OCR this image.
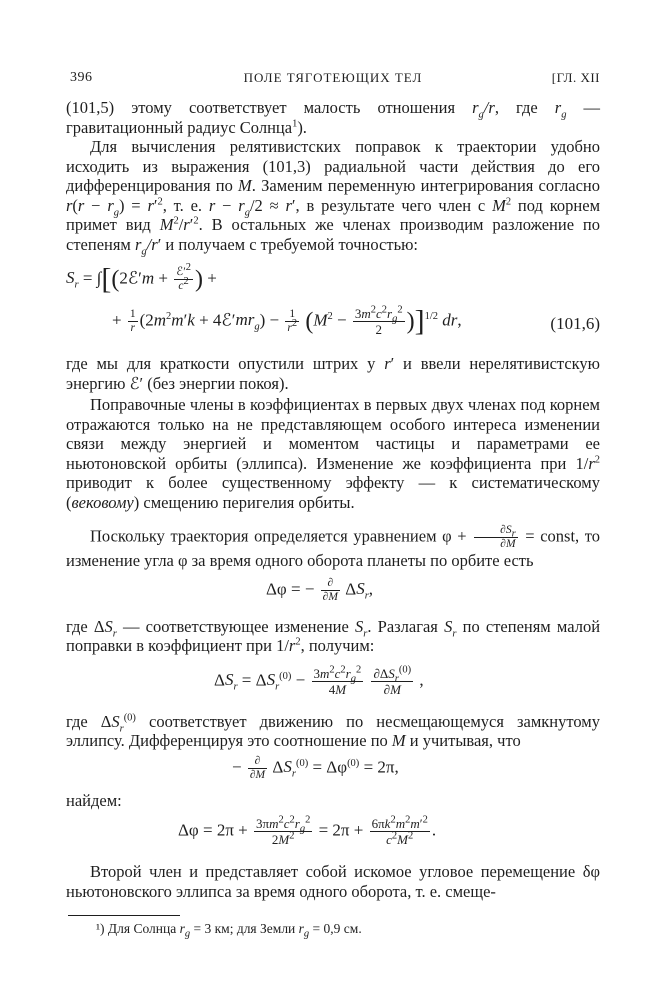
396	ПОЛЕ ТЯГОТЕЮЩИХ ТЕЛ	[ГЛ. XII

(101,5) этому соответствует малость отношения $r_g/r$, где $r_g$ — гравитационный радиус Солнца$^1$).

Для вычисления релятивистских поправок к траектории удобно исходить из выражения (101,3) радиальной части действия до его дифференцирования по M. Заменим переменную интегрирования согласно $r(r - r_g) = r'^2$, т. е. $r - r_g/2 \approx r'$, в результате чего член с $M^2$ под корнем примет вид $M^2/r'^2$. В остальных же членах производим разложение по степеням $r_g/r'$ и получаем с требуемой точностью:

$S_r$ = ∫[(2ℰ′m + $\frac{ℰ'^2}{c^2}$ ) +
+ $\frac{1}{r} (2m^2m'k$ + $4ℰ'mr_g) - \frac{1}{r^2} (M^2 - \frac{3m^2c^2r_g^2}{2} )]^{1/2}$ dr,	(101,6)

где мы для краткости опустили штрих у r′ и ввели нерелятивистскую энергию ℰ′ (без энергии покоя).

Поправочные члены в коэффициентах в первых двух членах под корнем отражаются только на не представляющем особого интереса изменении связи между энергией и моментом частицы и параметрами ее ньютоновской орбиты (эллипса). Изменение же коэффициента при $1/r^2$ приводит к более существенному эффекту — к систематическому (вековому) смещению перигелия орбиты.

Поскольку траектория определяется уравнением $\varphi + \frac{\partial S_r}{\partial M}$ = const, то изменение угла φ за время одного оборота планеты по орбите есть

Δφ = − $\frac{\partial}{\partial M} \Delta S_r$,

где $\Delta S_r$ — соответствующее изменение $S_r$. Разлагая $S_r$ по степеням малой поправки в коэффициент при $1/r^2$, получим:

$\Delta S_r = \Delta S_r^{(0)} - \frac{3m^2c^2r_g^2}{4M}$
$\frac{\partial\Delta S_r^{(0)}}{\partial M}$ ,

где $\Delta S_r^{(0)}$ соответствует движению по несмещающемуся замкнутому эллипсу. Дифференцируя это соотношение по M и учитывая, что

− $\frac{\partial}{\partial M} \Delta S_r^{(0)} = \Delta\varphi^{(0)} = 2\pi$,

найдем:

$\Delta\varphi = 2\pi + \frac{3\pi m^2c^2r_g^2}{2M^2} = 2\pi + \frac{6\pi k^2m^2m'^2}{c^2M^2}$ .

Второй член и представляет собой искомое угловое перемещение δφ ньютоновского эллипса за время одного оборота, т. е. смеще-

¹) Для Солнца $r_g = 3$ км; для Земли $r_g = 0,9$ см.
